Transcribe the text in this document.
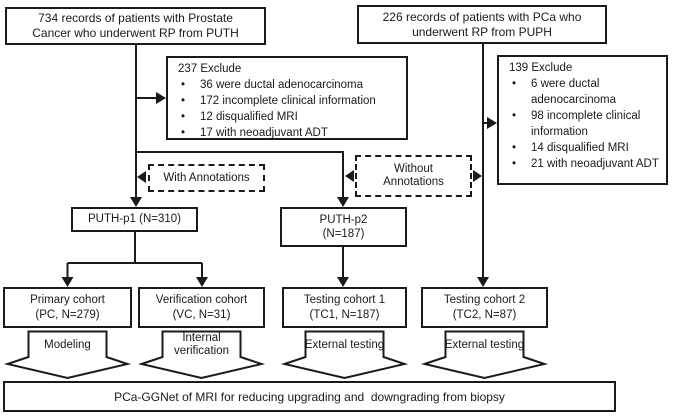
734 records of patients with Prostate Cancer who underwent RP from PUTH
226 records of patients with PCa who underwent RP from PUPH
237 Exclude
•	36 were ductal adenocarcinoma
•	172 incomplete clinical information
•	12 disqualified MRI
•	17 with neoadjuvant ADT
139 Exclude
•	6 were ductal adenocarcinoma
•	98 incomplete clinical information
•	14 disqualified MRI
•	21 with neoadjuvant ADT
With Annotations
Without Annotations
PUTH-p1 (N=310)	PUTH-p2
(N=187)
Primary cohort
(PC, N=279)
Verification cohort
(VC, N=31)
Testing cohort 1
(TC1, N=187)
Testing cohort 2
(TC2, N=87)
Modeling
Internal verification
External testing	External testing
PCa-GGNet of MRI for reducing upgrading and  downgrading from biopsy
